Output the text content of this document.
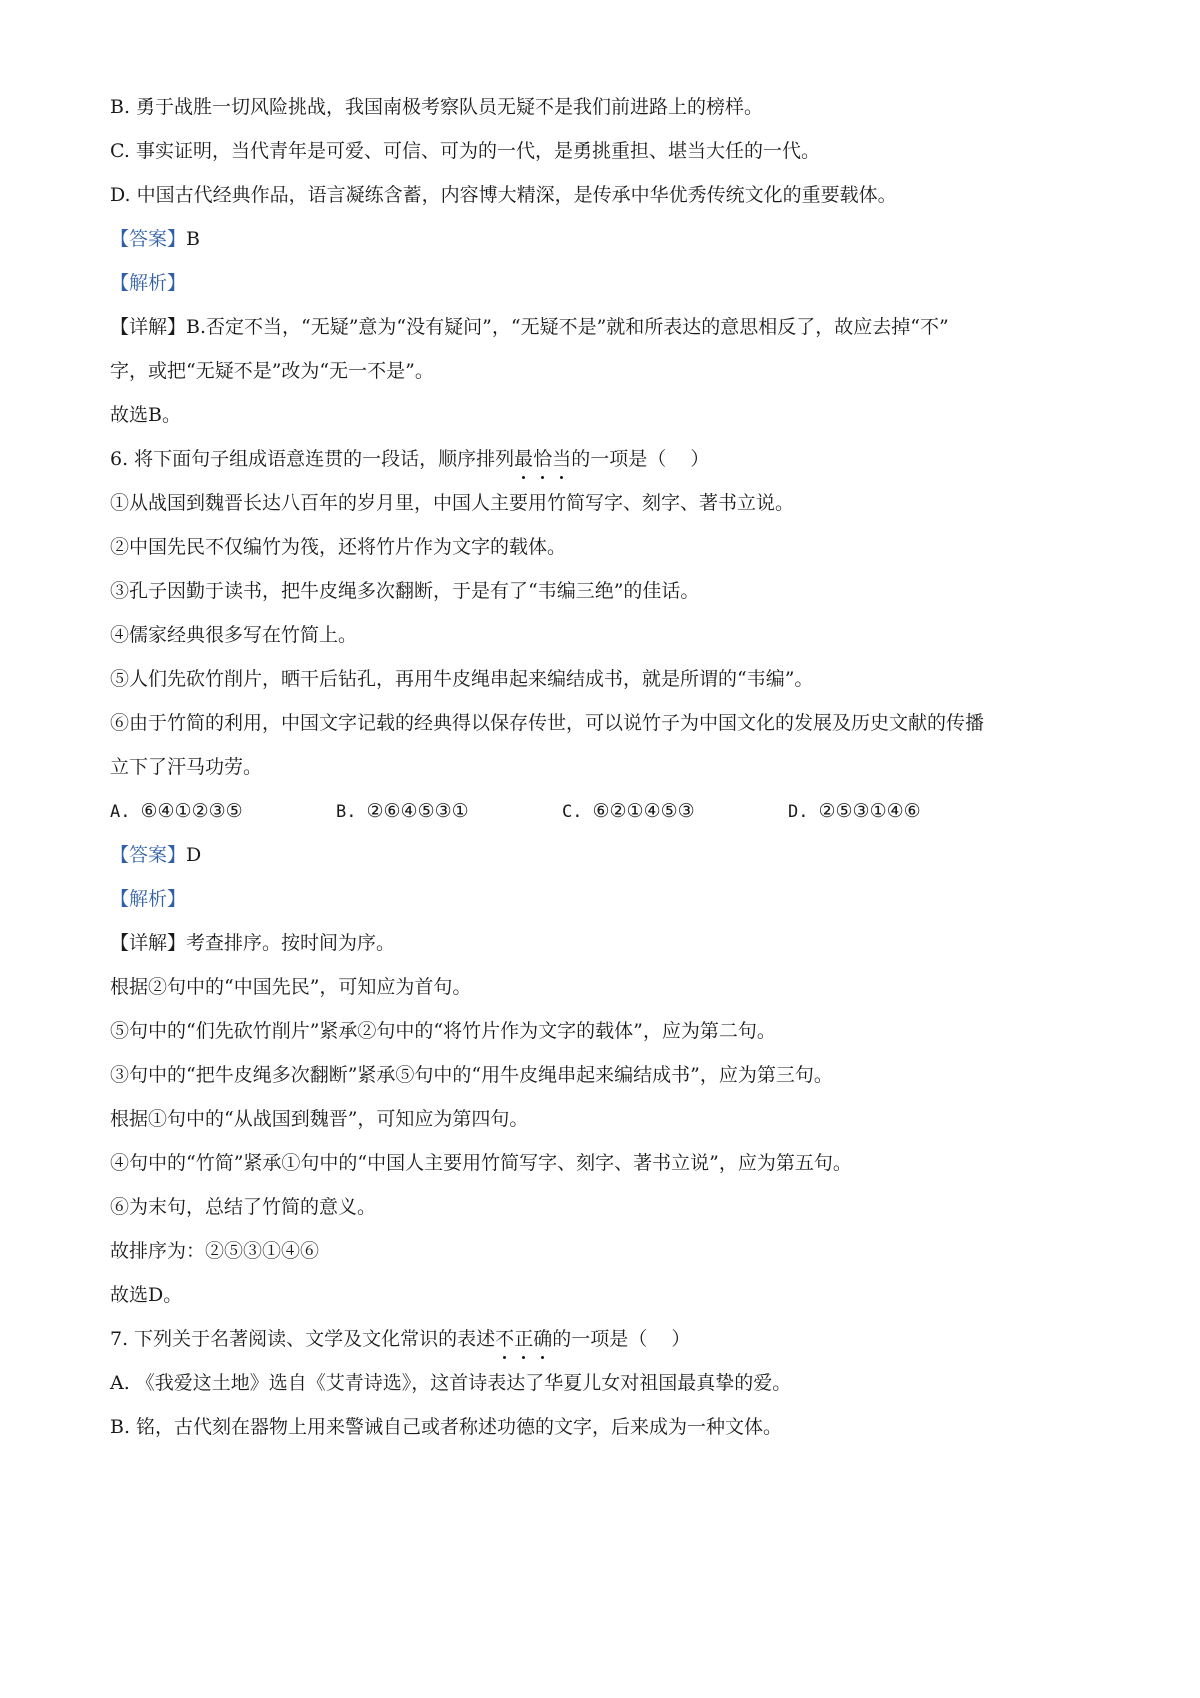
B. 勇于战胜一切风险挑战，我国南极考察队员无疑不是我们前进路上的榜样。
C. 事实证明，当代青年是可爱、可信、可为的一代，是勇挑重担、堪当大任的一代。
D. 中国古代经典作品，语言凝练含蓄，内容博大精深，是传承中华优秀传统文化的重要载体。
【答案】B
【解析】
【详解】B.否定不当，“无疑”意为“没有疑问”，“无疑不是”就和所表达的意思相反了，故应去掉“不”
字，或把“无疑不是”改为“无一不是”。
故选B。
6. 将下面句子组成语意连贯的一段话，顺序排列最恰当的一项是（    ）
①从战国到魏晋长达八百年的岁月里，中国人主要用竹简写字、刻字、著书立说。
②中国先民不仅编竹为筏，还将竹片作为文字的载体。
③孔子因勤于读书，把牛皮绳多次翻断，于是有了“韦编三绝”的佳话。
④儒家经典很多写在竹简上。
⑤人们先砍竹削片，晒干后钻孔，再用牛皮绳串起来编结成书，就是所谓的“韦编”。
⑥由于竹简的利用，中国文字记载的经典得以保存传世，可以说竹子为中国文化的发展及历史文献的传播
立下了汗马功劳。
A. ⑥④①②③⑤	B. ②⑥④⑤③①	C. ⑥②①④⑤③	D. ②⑤③①④⑥
【答案】D
【解析】
【详解】考查排序。按时间为序。
根据②句中的“中国先民”，可知应为首句。
⑤句中的“们先砍竹削片”紧承②句中的“将竹片作为文字的载体”，应为第二句。
③句中的“把牛皮绳多次翻断”紧承⑤句中的“用牛皮绳串起来编结成书”，应为第三句。
根据①句中的“从战国到魏晋”，可知应为第四句。
④句中的“竹简”紧承①句中的“中国人主要用竹简写字、刻字、著书立说”，应为第五句。
⑥为末句，总结了竹简的意义。
故排序为：②⑤③①④⑥
故选D。
7. 下列关于名著阅读、文学及文化常识的表述不正确的一项是（    ）
A. 《我爱这土地》选自《艾青诗选》，这首诗表达了华夏儿女对祖国最真挚的爱。
B. 铭，古代刻在器物上用来警诫自己或者称述功德的文字，后来成为一种文体。
